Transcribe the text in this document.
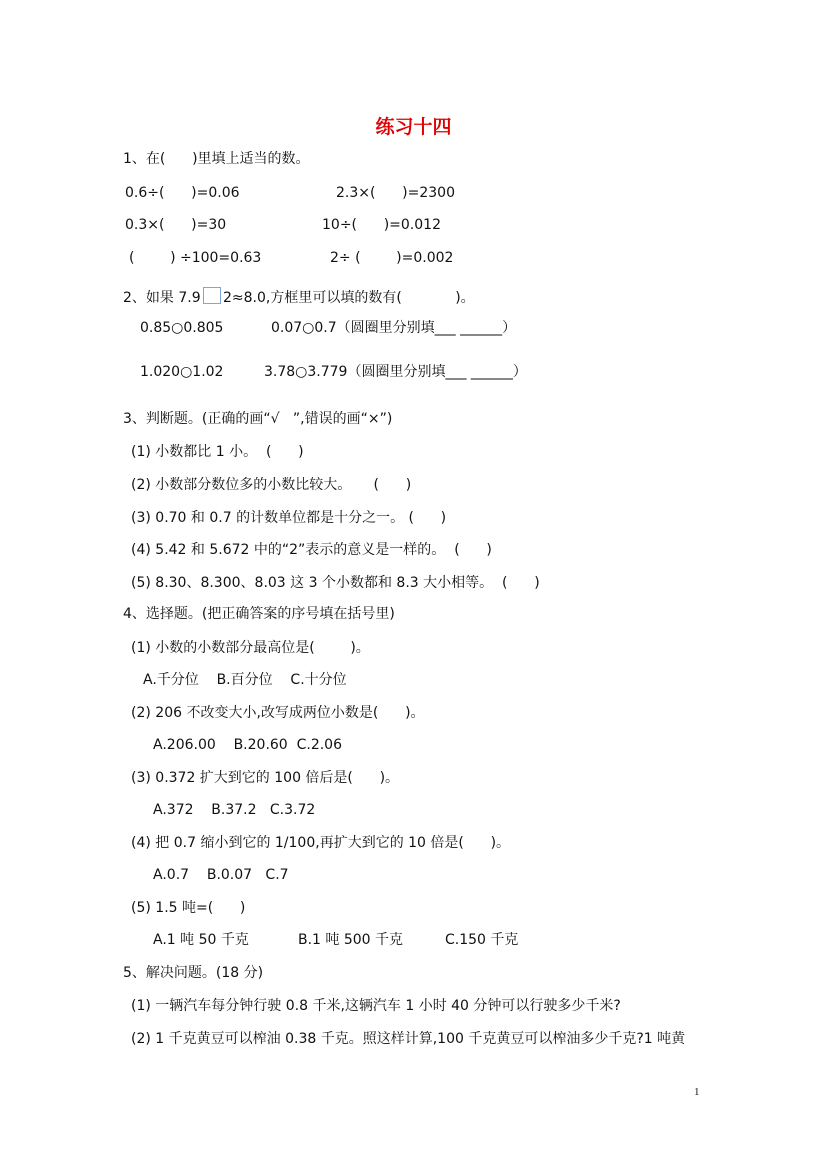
练习十四
1、在(      )里填上适当的数。
0.6÷(      )=0.06	2.3×(      )=2300
0.3×(      )=30	10÷(      )=0.012
(        ) ÷100=0.63	2÷ (        )=0.002
2、如果 7.9 2≈8.0,方框里可以填的数有(            )。
0.85○0.805	0.07○0.7（圆圈里分别填___ ______）
1.020○1.02	3.78○3.779（圆圈里分别填___ ______）
3、判断题。(正确的画“√   ”,错误的画“×”)
(1) 小数都比 1 小。  (      )
(2) 小数部分数位多的小数比较大。     (      )
(3) 0.70 和 0.7 的计数单位都是十分之一。 (      )
(4) 5.42 和 5.672 中的“2”表示的意义是一样的。  (      )
(5) 8.30、8.300、8.03 这 3 个小数都和 8.3 大小相等。  (      )
4、选择题。(把正确答案的序号填在括号里)
(1) 小数的小数部分最高位是(        )。
A.千分位    B.百分位    C.十分位
(2) 206 不改变大小,改写成两位小数是(      )。
A.206.00    B.20.60  C.2.06
(3) 0.372 扩大到它的 100 倍后是(      )。
A.372    B.37.2   C.3.72
(4) 把 0.7 缩小到它的 1/100,再扩大到它的 10 倍是(      )。
A.0.7    B.0.07   C.7
(5) 1.5 吨=(      )
A.1 吨 50 千克	B.1 吨 500 千克	C.150 千克
5、解决问题。(18 分)
(1) 一辆汽车每分钟行驶 0.8 千米,这辆汽车 1 小时 40 分钟可以行驶多少千米?
(2) 1 千克黄豆可以榨油 0.38 千克。照这样计算,100 千克黄豆可以榨油多少千克?1 吨黄
1
